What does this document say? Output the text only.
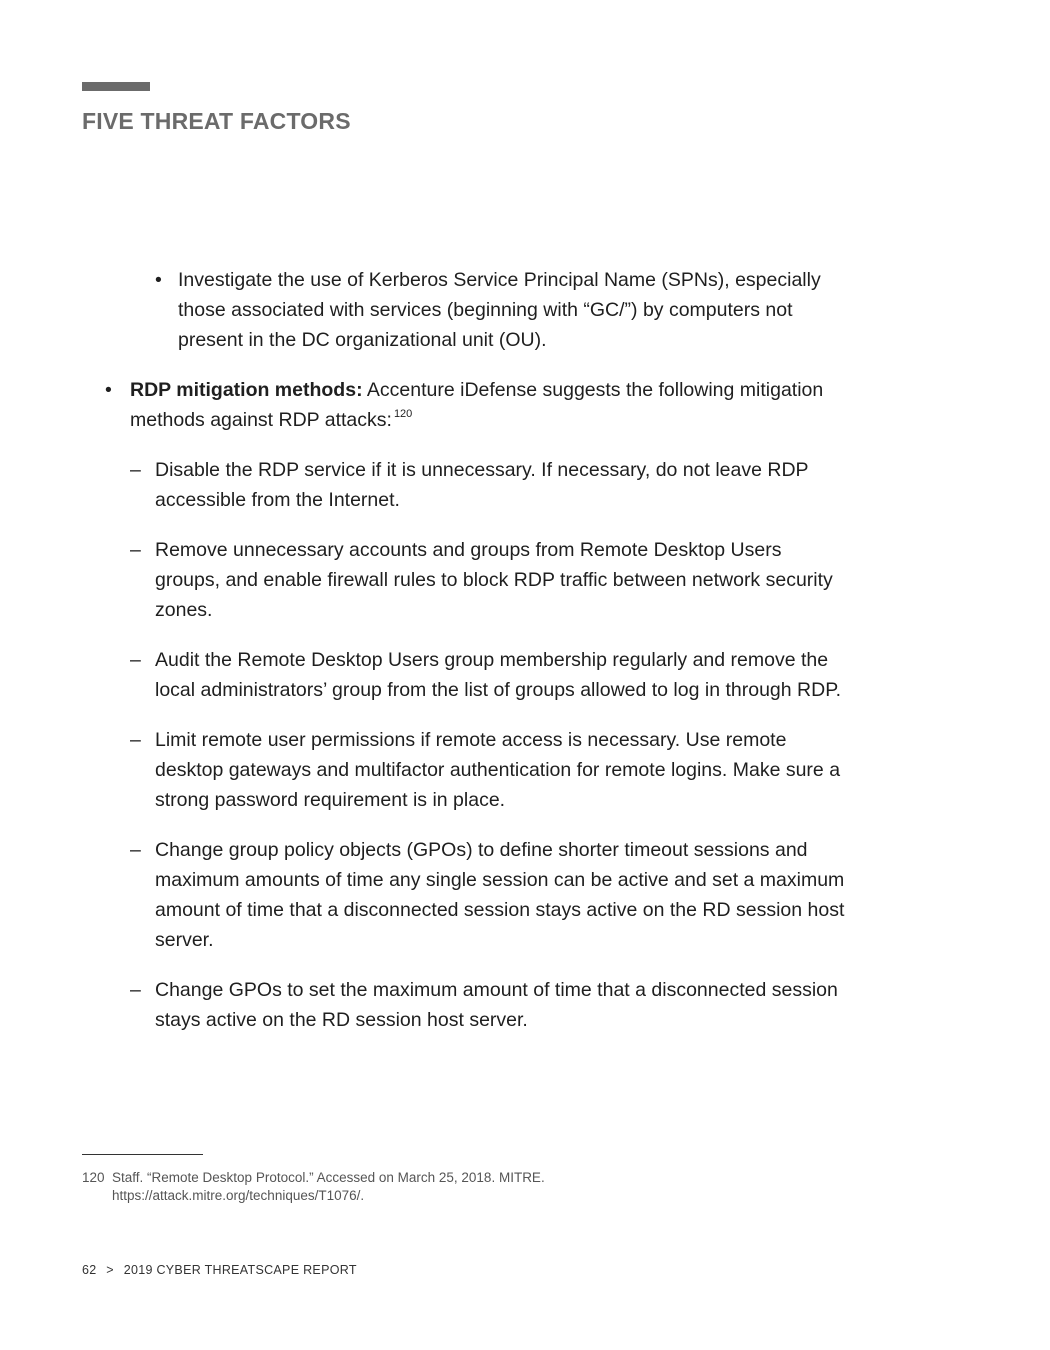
FIVE THREAT FACTORS
• Investigate the use of Kerberos Service Principal Name (SPNs), especially those associated with services (beginning with “GC/”) by computers not present in the DC organizational unit (OU).
• RDP mitigation methods: Accenture iDefense suggests the following mitigation methods against RDP attacks: $^{120}$
– Disable the RDP service if it is unnecessary. If necessary, do not leave RDP accessible from the Internet.
– Remove unnecessary accounts and groups from Remote Desktop Users groups, and enable firewall rules to block RDP traffic between network security zones.
– Audit the Remote Desktop Users group membership regularly and remove the local administrators’ group from the list of groups allowed to log in through RDP.
– Limit remote user permissions if remote access is necessary. Use remote desktop gateways and multifactor authentication for remote logins. Make sure a strong password requirement is in place.
– Change group policy objects (GPOs) to define shorter timeout sessions and maximum amounts of time any single session can be active and set a maximum amount of time that a disconnected session stays active on the RD session host server.
– Change GPOs to set the maximum amount of time that a disconnected session stays active on the RD session host server.
120 Staff. “Remote Desktop Protocol.” Accessed on March 25, 2018. MITRE.
https://attack.mitre.org/techniques/T1076/.
62 > 2019 CYBER THREATSCAPE REPORT
